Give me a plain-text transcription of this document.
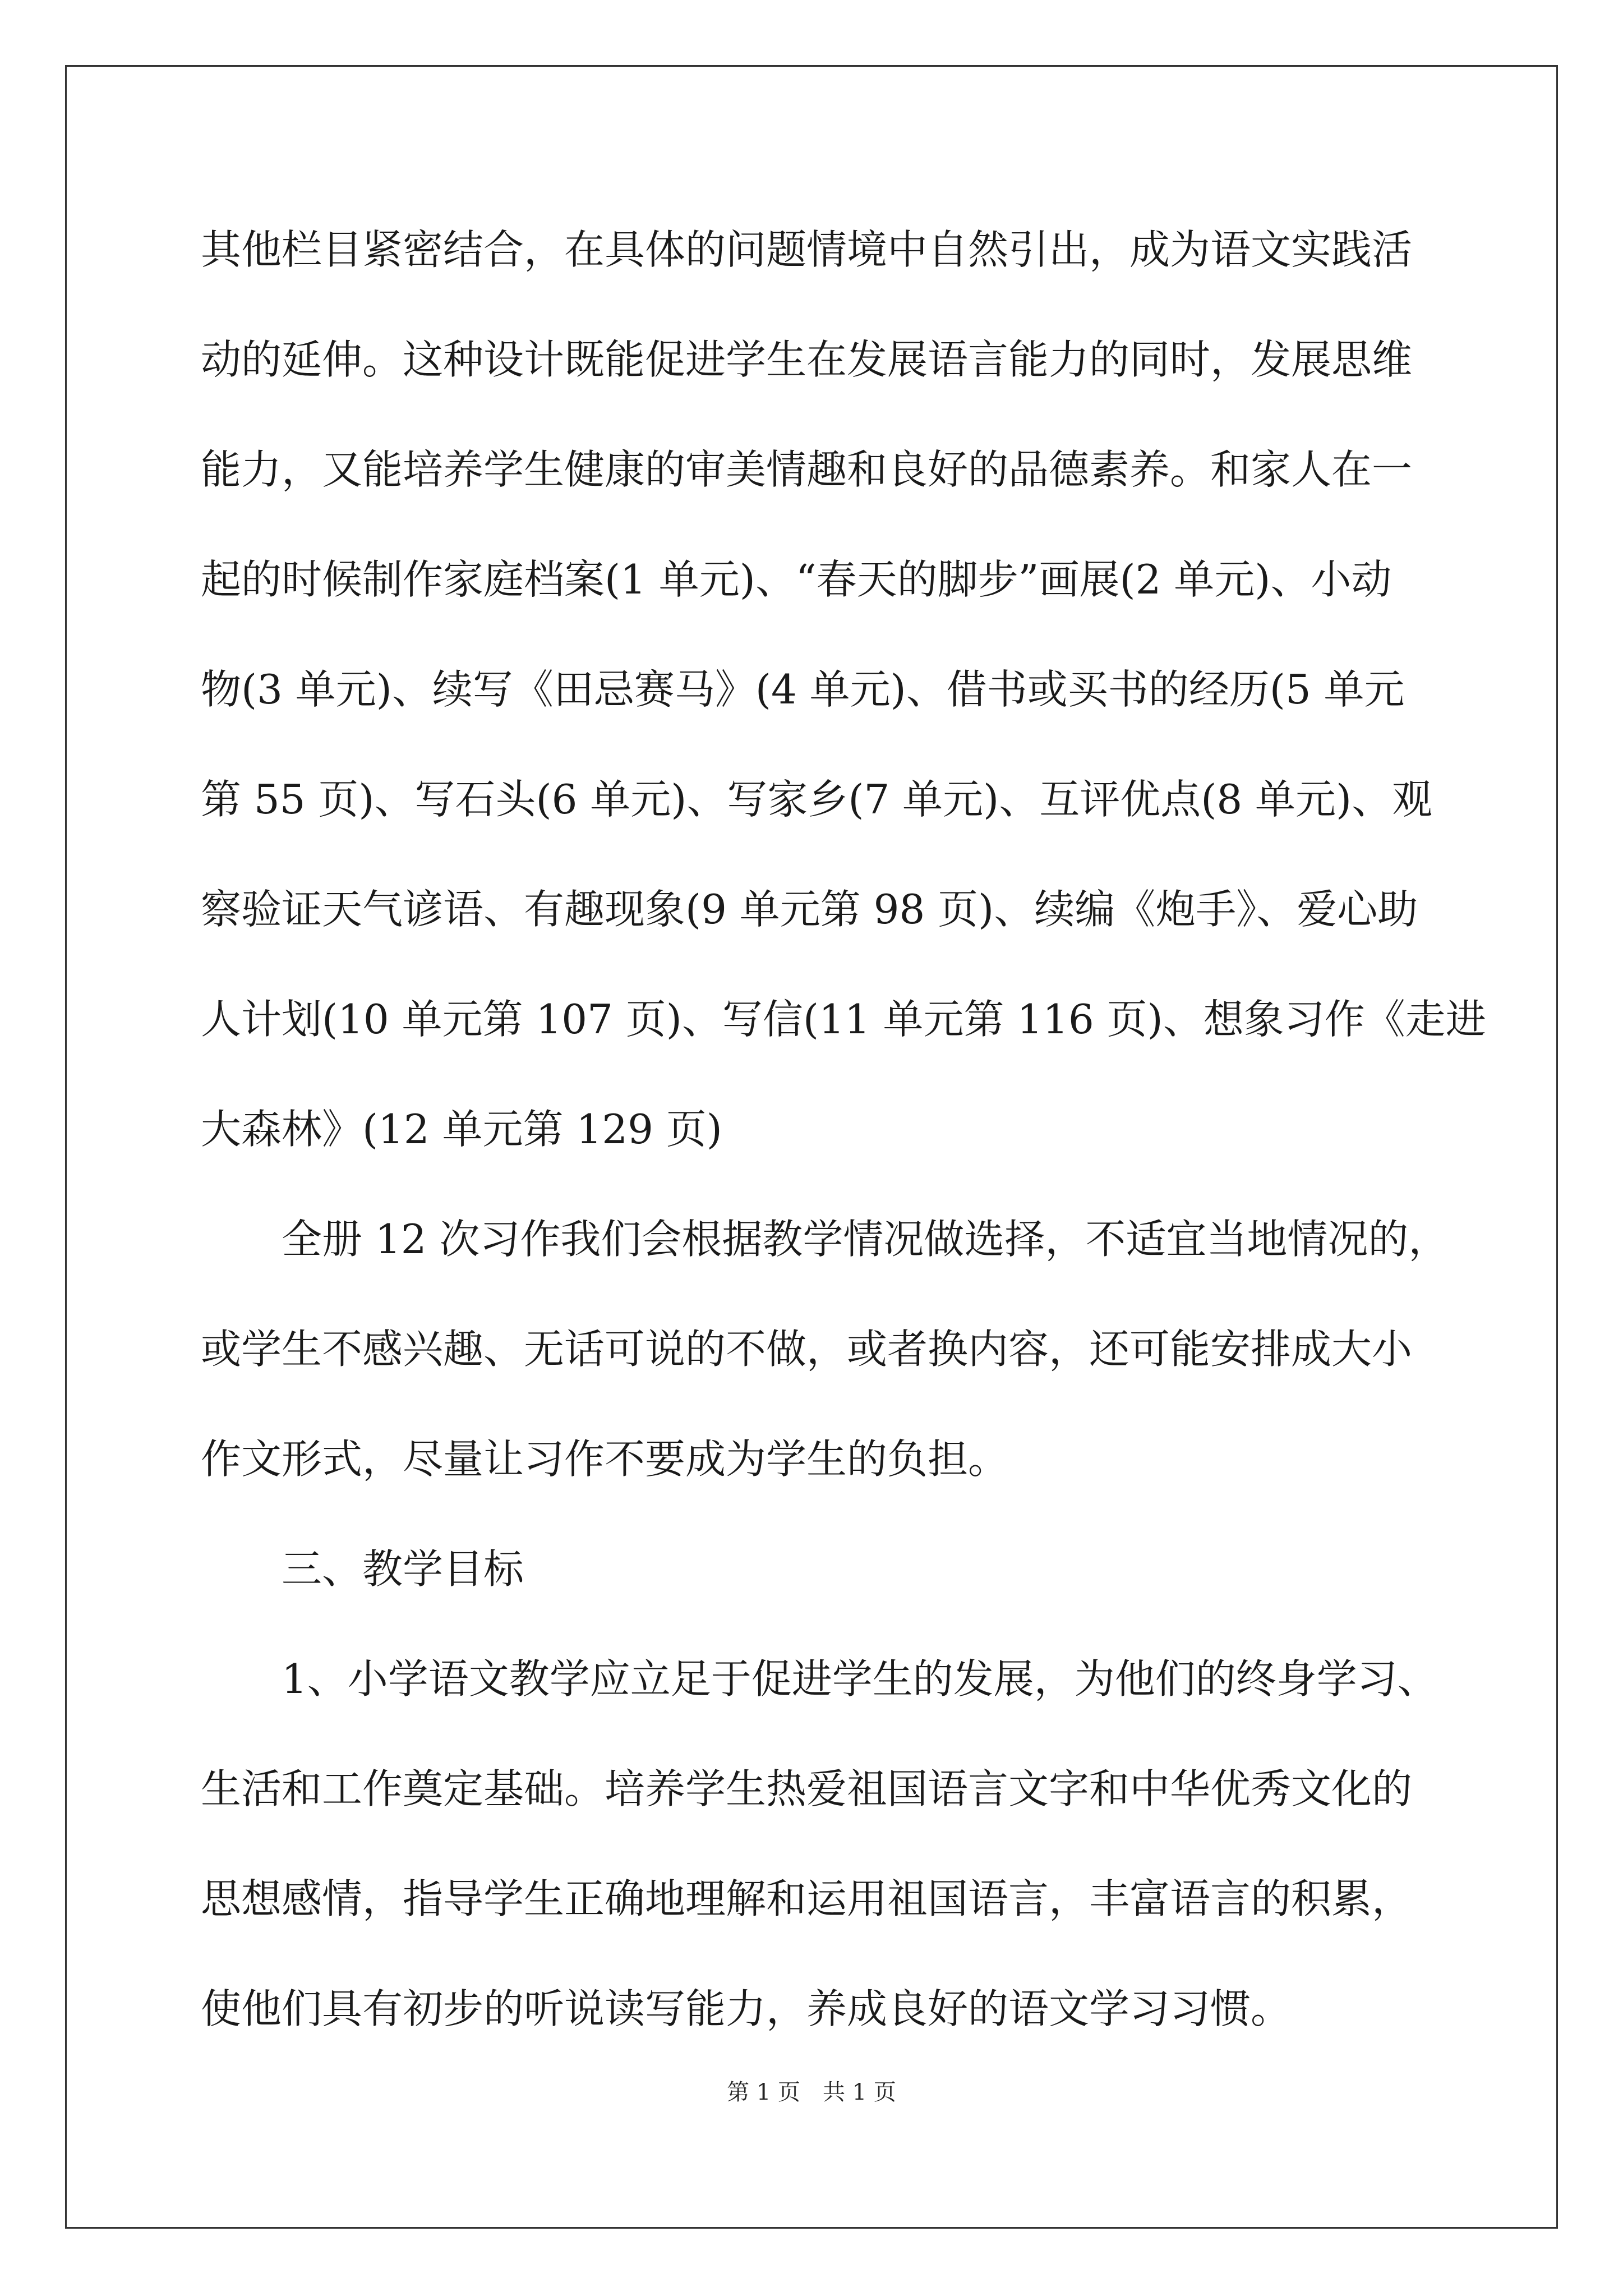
其他栏目紧密结合，在具体的问题情境中自然引出，成为语文实践活
动的延伸。这种设计既能促进学生在发展语言能力的同时，发展思维
能力，又能培养学生健康的审美情趣和良好的品德素养。和家人在一
起的时候制作家庭档案(1 单元)、“春天的脚步”画展(2 单元)、小动
物(3 单元)、续写《田忌赛马》(4 单元)、借书或买书的经历(5 单元
第 55 页)、写石头(6 单元)、写家乡(7 单元)、互评优点(8 单元)、观
察验证天气谚语、有趣现象(9 单元第 98 页)、续编《炮手》、爱心助
人计划(10 单元第 107 页)、写信(11 单元第 116 页)、想象习作《走进
大森林》(12 单元第 129 页)
全册 12 次习作我们会根据教学情况做选择，不适宜当地情况的，
或学生不感兴趣、无话可说的不做，或者换内容，还可能安排成大小
作文形式，尽量让习作不要成为学生的负担。
三、教学目标
1、小学语文教学应立足于促进学生的发展，为他们的终身学习、
生活和工作奠定基础。培养学生热爱祖国语言文字和中华优秀文化的
思想感情，指导学生正确地理解和运用祖国语言，丰富语言的积累，
使他们具有初步的听说读写能力，养成良好的语文学习习惯。
第 1 页 共 1 页
